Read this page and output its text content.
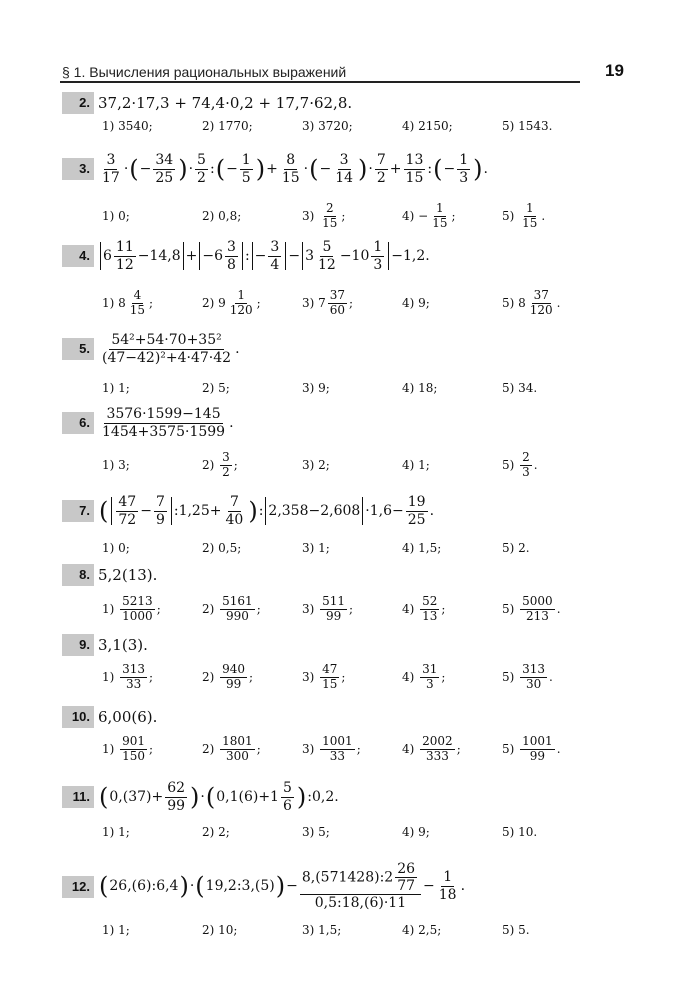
§ 1. Вычисления рациональных выражений	19
2. 37,2·17,3 + 74,4·0,2 + 17,7·62,8.
1) 3540;	2) 1770;	3) 3720;	4) 2150;	5) 1543.
3. $\frac{3}{17}$ · ( − $\frac{34}{25}$ ) · $\frac{5}{2}$ : ( − $\frac{1}{5}$ ) + $\frac{8}{15}$ · ( − $\frac{3}{14}$ ) · $\frac{7}{2} + \frac{13}{15}$ : ( − $\frac{1}{3}$ ) .
1) 0;	2) 0,8;	$3) \frac{2}{15}$ ;	$4) - \frac{1}{15}$ ;	$5) \frac{1}{15}$ .
4. $6 \frac{11}{12} -14,8 + -6 \frac{3}{8}$ : − $\frac{3}{4} - 3 \frac{5}{12} -10 \frac{1}{3} -1,2$.
1) $8 \frac{4}{15}$ ;	2) $9 \frac{1}{120}$ ;	3) $7 \frac{37}{60}$ ;	4) 9;	5) $8 \frac{37}{120}$ .
5. $\frac{\text{54²+54·70+35²}}{\text{(47−42)²+4·47·42}}$ .
1) 1;	2) 5;	3) 9;	4) 18;	5) 34.
6. $\frac{3576\cdot 1599-145}{1454+3575\cdot 1599}$ .
1) 3;	$2) \frac{3}{2}$ ;	3) 2;	4) 1;	$5) \frac{2}{3}$ .
7. ( $\frac{47}{72} - \frac{7}{9}$ :1,25+ $\frac{7}{40}$ ) : $2,358-2,608 \cdot 1,6- \frac{19}{25}$ .
1) 0;	2) 0,5;	3) 1;	4) 1,5;	5) 2.
8. 5,2(13).
$1) \frac{5213}{1000}$ ;	$2) \frac{5161}{990}$ ;	$3) \frac{511}{99}$ ;	$4) \frac{52}{13}$ ;	$5) \frac{5000}{213}$ .
9. 3,1(3).
$1) \frac{313}{33}$ ;	$2) \frac{940}{99}$ ;	$3) \frac{47}{15}$ ;	$4) \frac{31}{3}$ ;	$5) \frac{313}{30}$ .
10. 6,00(6).
$1) \frac{901}{150}$ ;	$2) \frac{1801}{300}$ ;	$3) \frac{1001}{33}$ ;	$4) \frac{2002}{333}$ ;	$5) \frac{1001}{99}$ .
11. ( $0,(37)+ \frac{62}{99}$ ) · ( $0,1(6)+1 \frac{5}{6}$ ) :0,2.
1) 1;	2) 2;	3) 5;	4) 9;	5) 10.
12. ( 26,(6):6,4 ) · ( 19,2:3,(5) ) − $\frac{8,(571428):2 \frac{26}{77}}{0,5:18,(6)\cdot 11} - \frac{1}{18}$ .
1) 1;	2) 10;	3) 1,5;	4) 2,5;	5) 5.
